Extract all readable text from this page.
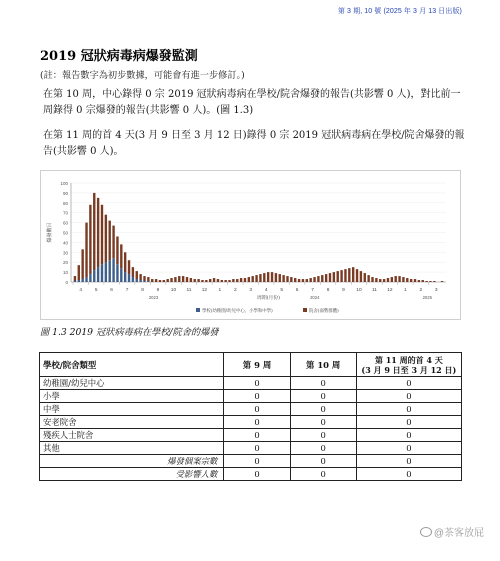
第 3 期, 10 號 (2025 年 3 月 13 日出版)
2019 冠狀病毒病爆發監測
(註：報告數字為初步數據，可能會有進一步修訂。)
在第 10 周，中心錄得 0 宗 2019 冠狀病毒病在學校/院舍爆發的報告(共影響 0 人)，對比前一周錄得 0 宗爆發的報告(共影響 0 人)。(圖 1.3)
在第 11 周的首 4 天(3 月 9 日至 3 月 12 日)錄得 0 宗 2019 冠狀病毒病在學校/院舍爆發的報告(共影響 0 人)。
0
10
20
30
40
50
60
70
80
90
100
爆發數目
4	5	6	7	8	9 10 11 12 1	2	3	4	5	6	7	8	9 10 11 12 1	2	3
2023	2024	2025
周期(月份)
學校(幼稚園/幼兒中心、小學和中學)	院舍(弱勢群體)
圖 1.3 2019 冠狀病毒病在學校/院舍的爆發
學校/院舍類型	第 9 周	第 10 周	第 11 周的首 4 天
(3 月 9 日至 3 月 12 日)
幼稚園/幼兒中心	0	0	0
小學	0	0	0
中學	0	0	0
安老院舍	0	0	0
殘疾人士院舍	0	0	0
其他	0	0	0
爆發個案宗數	0	0	0
受影響人數	0	0	0
@茶客放屁
